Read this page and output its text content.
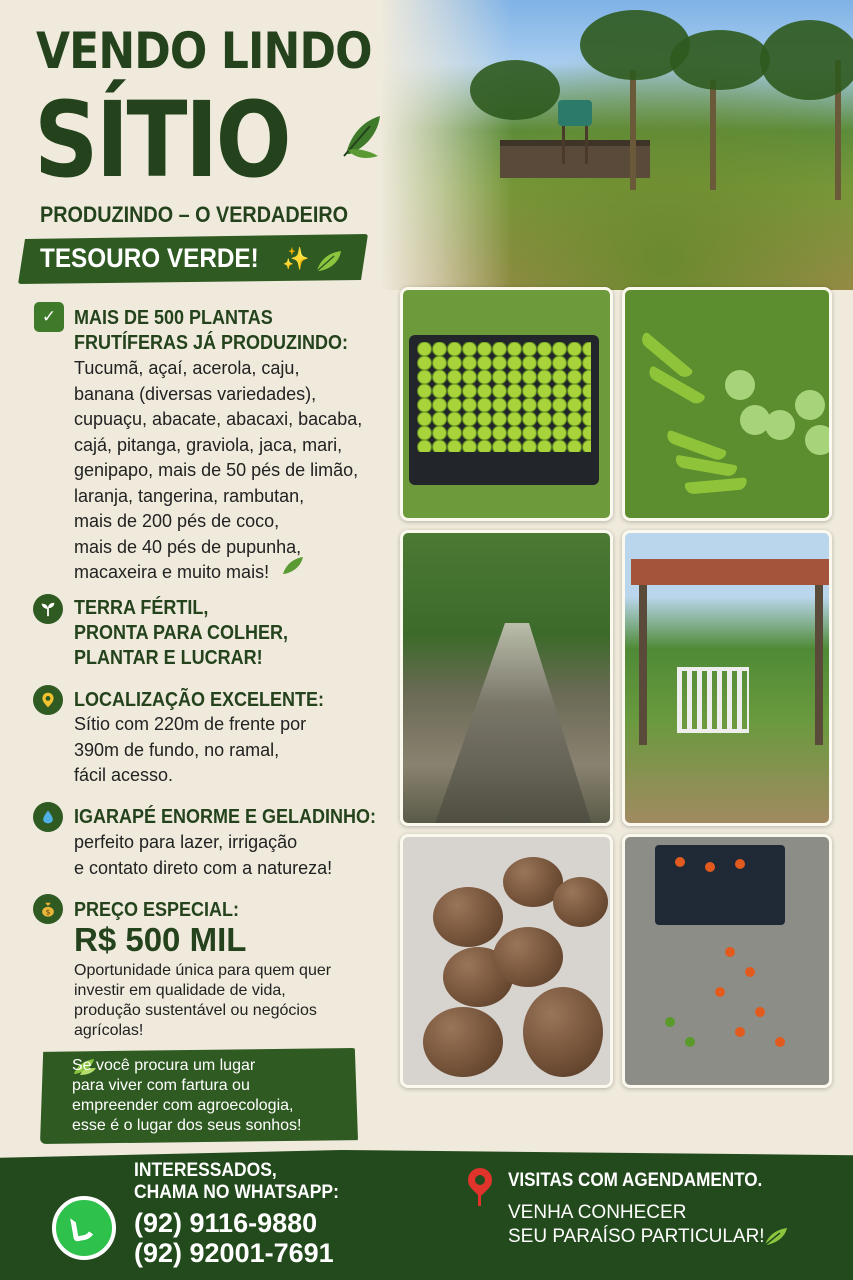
VENDO LINDO
SÍTIO
PRODUZINDO – O VERDADEIRO
TESOURO VERDE! ✨
✓ MAIS DE 500 PLANTAS
FRUTÍFERAS JÁ PRODUZINDO:
Tucumã, açaí, acerola, caju,
banana (diversas variedades),
cupuaçu, abacate, abacaxi, bacaba,
cajá, pitanga, graviola, jaca, mari,
genipapo, mais de 50 pés de limão,
laranja, tangerina, rambutan,
mais de 200 pés de coco,
mais de 40 pés de pupunha,
macaxeira e muito mais!
TERRA FÉRTIL,
PRONTA PARA COLHER,
PLANTAR E LUCRAR!
LOCALIZAÇÃO EXCELENTE:
Sítio com 220m de frente por
390m de fundo, no ramal,
fácil acesso.
IGARAPÉ ENORME E GELADINHO:
perfeito para lazer, irrigação
e contato direto com a natureza!
$ PREÇO ESPECIAL:
R$ 500 MIL
Oportunidade única para quem quer
investir em qualidade de vida,
produção sustentável ou negócios
agrícolas!
Se você procura um lugar
para viver com fartura ou
empreender com agroecologia,
esse é o lugar dos seus sonhos!
INTERESSADOS,
CHAMA NO WHATSAPP:
(92) 9116-9880
(92) 92001-7691
VISITAS COM AGENDAMENTO.
VENHA CONHECER
SEU PARAÍSO PARTICULAR!
